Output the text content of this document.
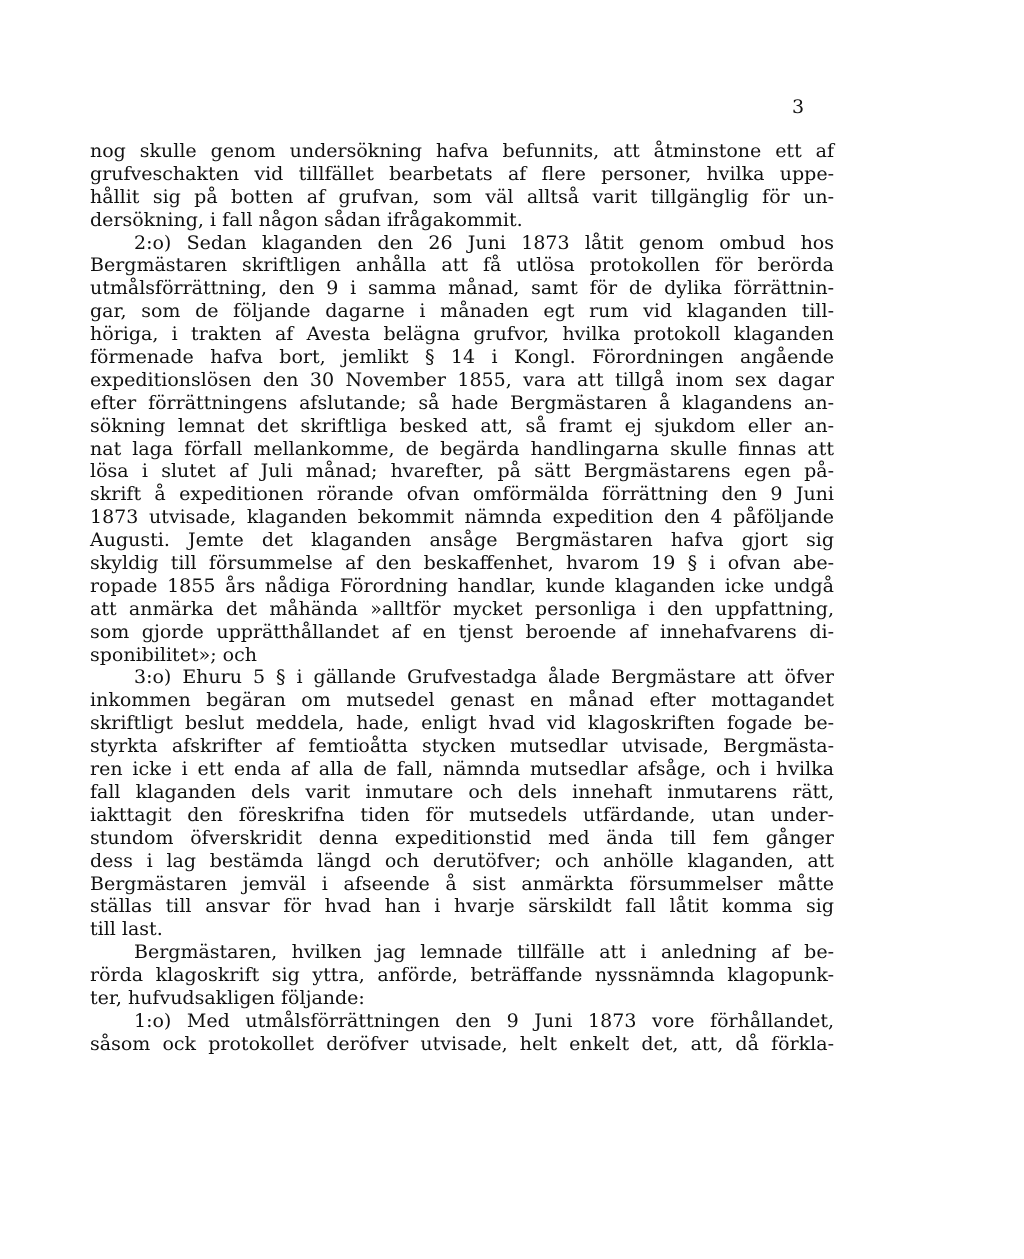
3
nog skulle genom undersökning hafva befunnits, att åtminstone ett af
grufveschakten vid tillfället bearbetats af flere personer, hvilka uppe-
hållit sig på botten af grufvan, som väl alltså varit tillgänglig för un-
dersökning, i fall någon sådan ifrågakommit.
2:o) Sedan klaganden den 26 Juni 1873 låtit genom ombud hos
Bergmästaren skriftligen anhålla att få utlösa protokollen för berörda
utmålsförrättning, den 9 i samma månad, samt för de dylika förrättnin-
gar, som de följande dagarne i månaden egt rum vid klaganden till-
höriga, i trakten af Avesta belägna grufvor, hvilka protokoll klaganden
förmenade hafva bort, jemlikt § 14 i Kongl. Förordningen angående
expeditionslösen den 30 November 1855, vara att tillgå inom sex dagar
efter förrättningens afslutande; så hade Bergmästaren å klagandens an-
sökning lemnat det skriftliga besked att, så framt ej sjukdom eller an-
nat laga förfall mellankomme, de begärda handlingarna skulle finnas att
lösa i slutet af Juli månad; hvarefter, på sätt Bergmästarens egen på-
skrift å expeditionen rörande ofvan omförmälda förrättning den 9 Juni
1873 utvisade, klaganden bekommit nämnda expedition den 4 påföljande
Augusti. Jemte det klaganden ansåge Bergmästaren hafva gjort sig
skyldig till försummelse af den beskaffenhet, hvarom 19 § i ofvan abe-
ropade 1855 års nådiga Förordning handlar, kunde klaganden icke undgå
att anmärka det måhända »alltför mycket personliga i den uppfattning,
som gjorde upprätthållandet af en tjenst beroende af innehafvarens di-
sponibilitet»; och
3:o) Ehuru 5 § i gällande Grufvestadga ålade Bergmästare att öfver
inkommen begäran om mutsedel genast en månad efter mottagandet
skriftligt beslut meddela, hade, enligt hvad vid klagoskriften fogade be-
styrkta afskrifter af femtioåtta stycken mutsedlar utvisade, Bergmästa-
ren icke i ett enda af alla de fall, nämnda mutsedlar afsåge, och i hvilka
fall klaganden dels varit inmutare och dels innehaft inmutarens rätt,
iakttagit den föreskrifna tiden för mutsedels utfärdande, utan under-
stundom öfverskridit denna expeditionstid med ända till fem gånger
dess i lag bestämda längd och derutöfver; och anhölle klaganden, att
Bergmästaren jemväl i afseende å sist anmärkta försummelser måtte
ställas till ansvar för hvad han i hvarje särskildt fall låtit komma sig
till last.
Bergmästaren, hvilken jag lemnade tillfälle att i anledning af be-
rörda klagoskrift sig yttra, anförde, beträffande nyssnämnda klagopunk-
ter, hufvudsakligen följande:
1:o) Med utmålsförrättningen den 9 Juni 1873 vore förhållandet,
såsom ock protokollet deröfver utvisade, helt enkelt det, att, då förkla-
